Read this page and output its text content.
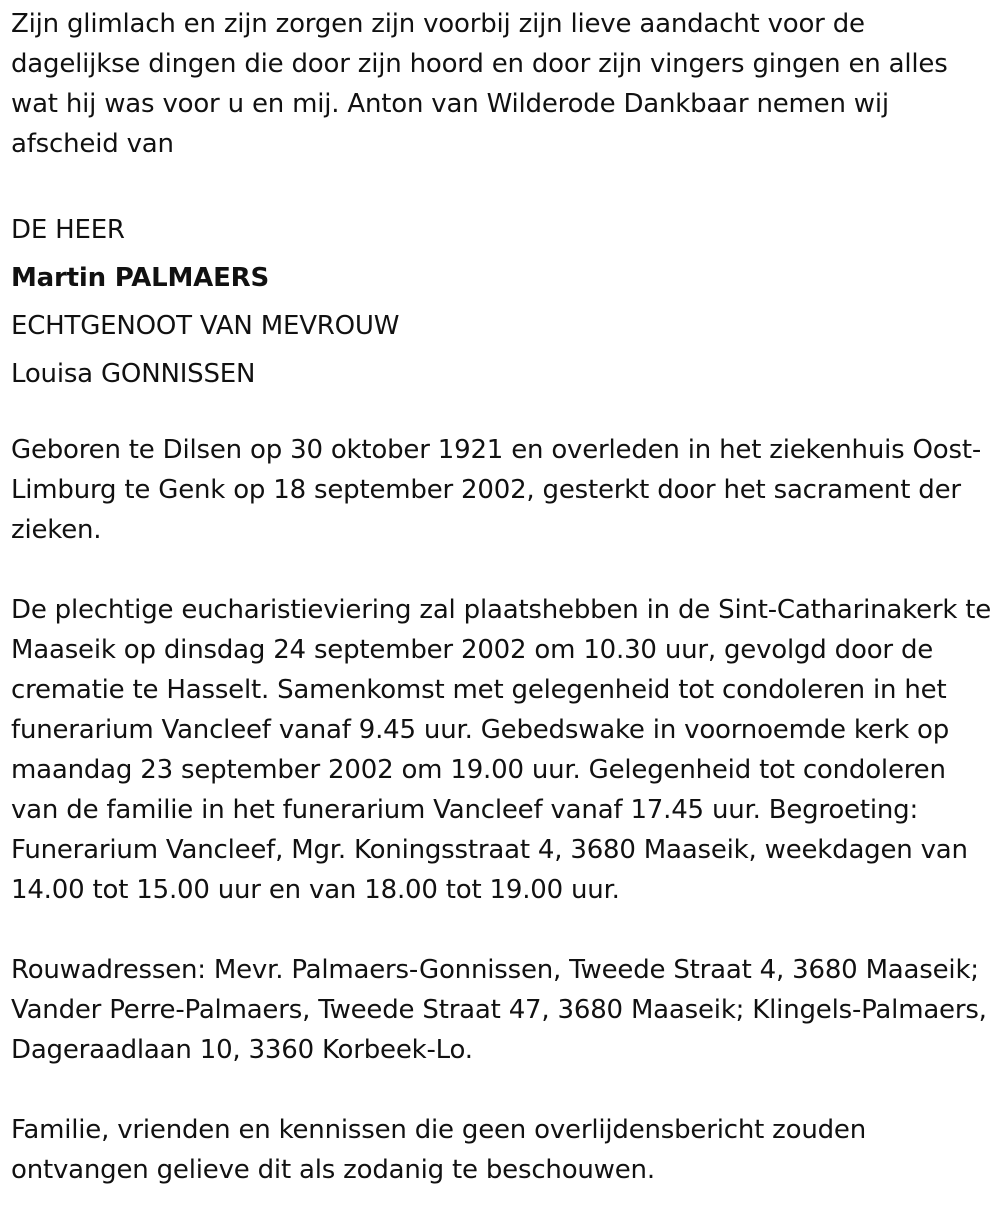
Zijn glimlach en zijn zorgen zijn voorbij zijn lieve aandacht voor de dagelijkse dingen die door zijn hoord en door zijn vingers gingen en alles wat hij was voor u en mij. Anton van Wilderode Dankbaar nemen wij afscheid van

DE HEER

Martin PALMAERS

ECHTGENOOT VAN MEVROUW

Louisa GONNISSEN

Geboren te Dilsen op 30 oktober 1921 en overleden in het ziekenhuis Oost-Limburg te Genk op 18 september 2002, gesterkt door het sacrament der zieken.

De plechtige eucharistieviering zal plaatshebben in de Sint-Catharinakerk te Maaseik op dinsdag 24 september 2002 om 10.30 uur, gevolgd door de crematie te Hasselt. Samenkomst met gelegenheid tot condoleren in het funerarium Vancleef vanaf 9.45 uur. Gebedswake in voornoemde kerk op maandag 23 september 2002 om 19.00 uur. Gelegenheid tot condoleren van de familie in het funerarium Vancleef vanaf 17.45 uur. Begroeting: Funerarium Vancleef, Mgr. Koningsstraat 4, 3680 Maaseik, weekdagen van 14.00 tot 15.00 uur en van 18.00 tot 19.00 uur.

Rouwadressen: Mevr. Palmaers-Gonnissen, Tweede Straat 4, 3680 Maaseik; Vander Perre-Palmaers, Tweede Straat 47, 3680 Maaseik; Klingels-Palmaers, Dageraadlaan 10, 3360 Korbeek-Lo.

Familie, vrienden en kennissen die geen overlijdensbericht zouden ontvangen gelieve dit als zodanig te beschouwen.
